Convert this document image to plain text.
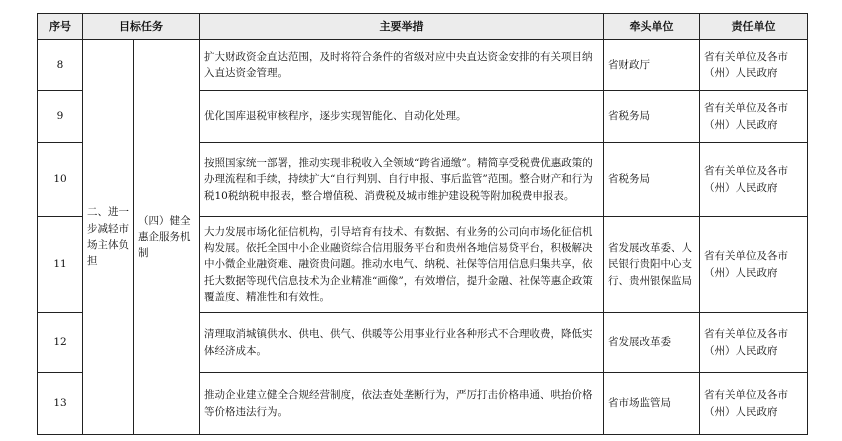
序号	目标任务		主要举措	牵头单位	责任单位
8	二、进一步减轻市场主体负担	（四）健全惠企服务机制	扩大财政资金直达范围，及时将符合条件的省级对应中央直达资金安排的有关项目纳入直达资金管理。	省财政厅	省有关单位及各市（州）人民政府
9			优化国库退税审核程序，逐步实现智能化、自动化处理。	省税务局	省有关单位及各市（州）人民政府
10			按照国家统一部署，推动实现非税收入全领域“跨省通缴”。精简享受税费优惠政策的办理流程和手续，持续扩大“自行判别、自行申报、事后监管”范围。整合财产和行为税10税纳税申报表，整合增值税、消费税及城市维护建设税等附加税费申报表。	省税务局	省有关单位及各市（州）人民政府
11			大力发展市场化征信机构，引导培育有技术、有数据、有业务的公司向市场化征信机构发展。依托全国中小企业融资综合信用服务平台和贵州各地信易贷平台，积极解决中小微企业融资难、融资贵问题。推动水电气、纳税、社保等信用信息归集共享，依托大数据等现代信息技术为企业精准“画像”，有效增信，提升金融、社保等惠企政策覆盖度、精准性和有效性。	省发展改革委、人民银行贵阳中心支行、贵州银保监局	省有关单位及各市（州）人民政府
12			清理取消城镇供水、供电、供气、供暖等公用事业行业各种形式不合理收费，降低实体经济成本。	省发展改革委	省有关单位及各市（州）人民政府
13			推动企业建立健全合规经营制度，依法查处垄断行为，严厉打击价格串通、哄抬价格等价格违法行为。	省市场监管局	省有关单位及各市（州）人民政府
